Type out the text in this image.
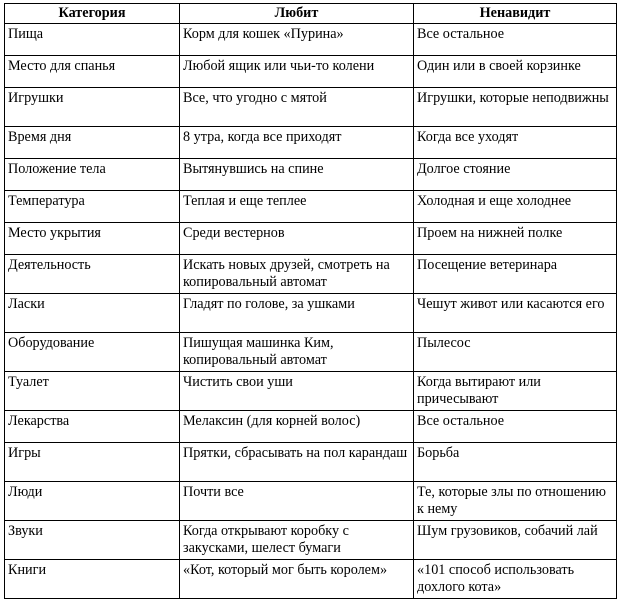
Категория	Любит	Ненавидит
Пища	Корм для кошек «Пурина»	Все остальное
Место для спанья	Любой ящик или чьи-то колени	Один или в своей корзинке
Игрушки	Все, что угодно с мятой	Игрушки, которые неподвижны
Время дня	8 утра, когда все приходят	Когда все уходят
Положение тела	Вытянувшись на спине	Долгое стояние
Температура	Теплая и еще теплее	Холодная и еще холоднее
Место укрытия	Среди вестернов	Проем на нижней полке
Деятельность	Искать новых друзей, смотреть на копировальный автомат	Посещение ветеринара
Ласки	Гладят по голове, за ушками	Чешут живот или касаются его
Оборудование	Пишущая машинка Ким, копировальный автомат	Пылесос
Туалет	Чистить свои уши	Когда вытирают или причесывают
Лекарства	Мелаксин (для корней волос)	Все остальное
Игры	Прятки, сбрасывать на пол карандаш	Борьба
Люди	Почти все	Те, которые злы по отношению к нему
Звуки	Когда открывают коробку с закусками, шелест бумаги	Шум грузовиков, собачий лай
Книги	«Кот, который мог быть королем»	«101 способ использовать дохлого кота»
